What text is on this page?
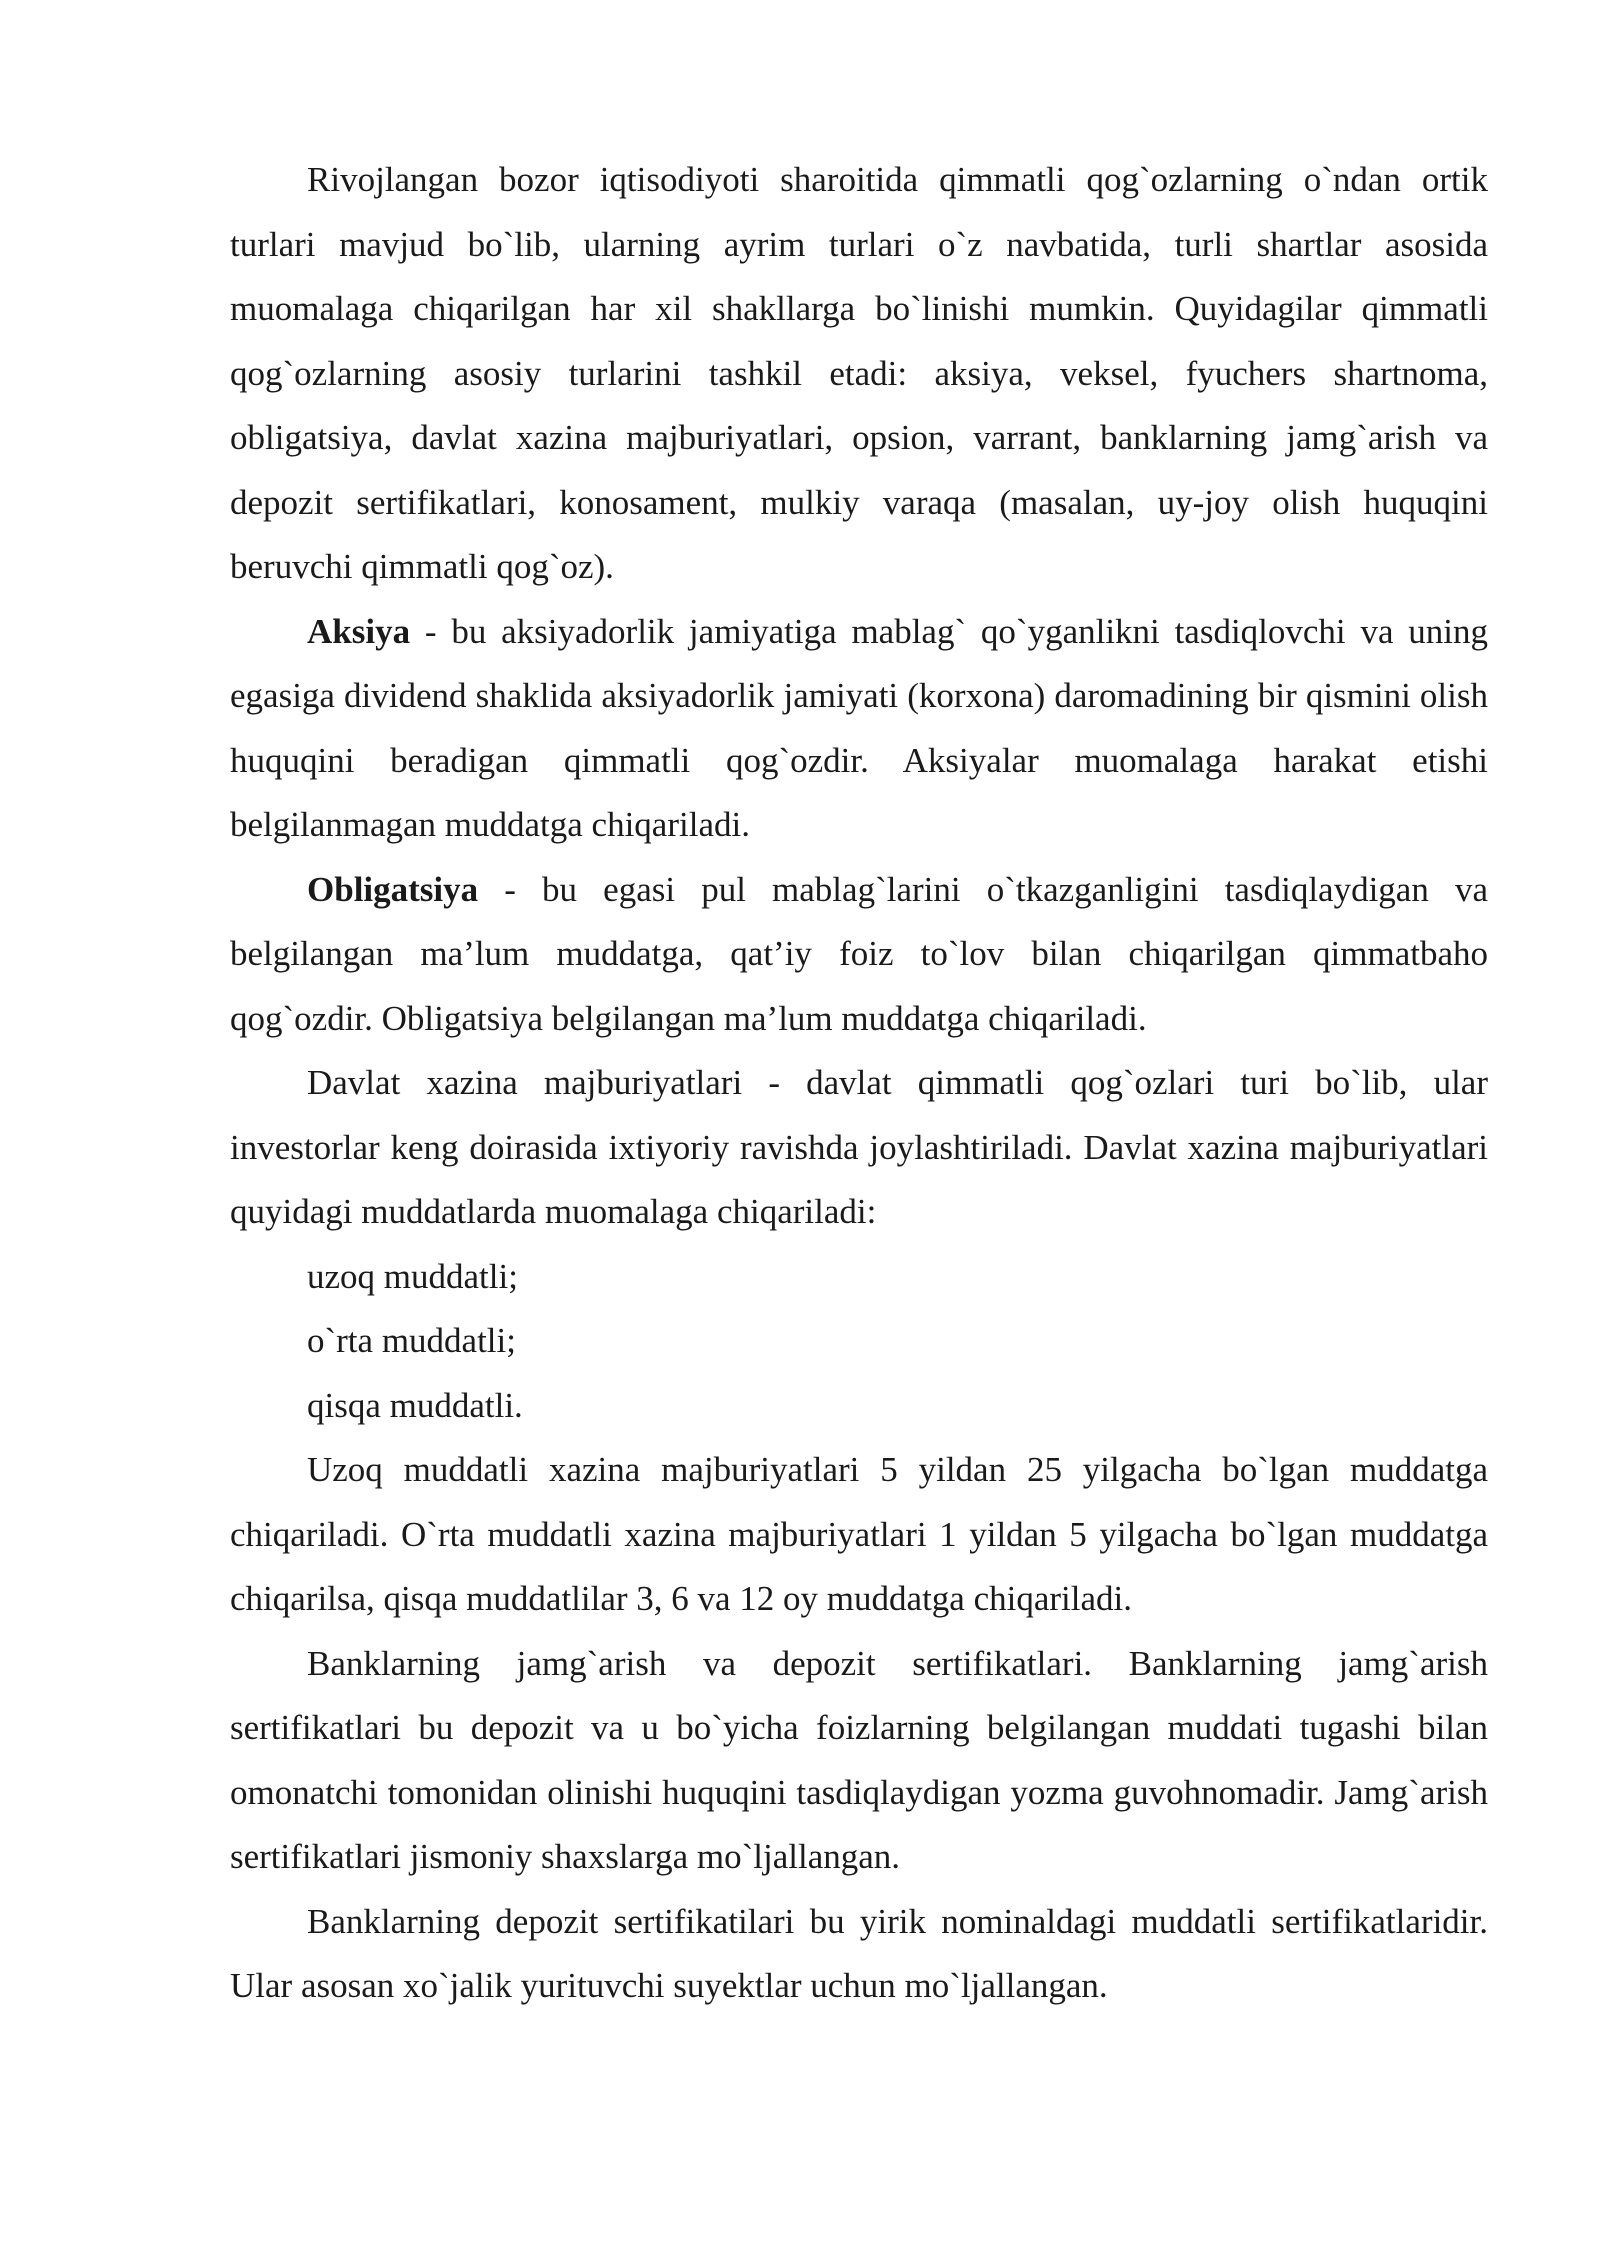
Rivojlangan bozor iqtisodiyoti sharoitida qimmatli qog`ozlarning o`ndan ortik turlari mavjud bo`lib, ularning ayrim turlari o`z navbatida, turli shartlar asosida muomalaga chiqarilgan har xil shakllarga bo`linishi mumkin. Quyidagilar qimmatli qog`ozlarning asosiy turlarini tashkil etadi: aksiya, veksel, fyuchers shartnoma, obligatsiya, davlat xazina majburiyatlari, opsion, varrant, banklarning jamg`arish va depozit sertifikatlari, konosament, mulkiy varaqa (masalan, uy-joy olish huquqini beruvchi qimmatli qog`oz).

Aksiya - bu aksiyadorlik jamiyatiga mablag` qo`yganlikni tasdiqlovchi va uning egasiga dividend shaklida aksiyadorlik jamiyati (korxona) daromadining bir qismini olish huquqini beradigan qimmatli qog`ozdir. Aksiyalar muomalaga harakat etishi belgilanmagan muddatga chiqariladi.

Obligatsiya - bu egasi pul mablag`larini o`tkazganligini tasdiqlaydigan va belgilangan ma’lum muddatga, qat’iy foiz to`lov bilan chiqarilgan qimmatbaho qog`ozdir. Obligatsiya belgilangan ma’lum muddatga chiqariladi.

Davlat xazina majburiyatlari - davlat qimmatli qog`ozlari turi bo`lib, ular investorlar keng doirasida ixtiyoriy ravishda joylashtiriladi. Davlat xazina majburiyatlari quyidagi muddatlarda muomalaga chiqariladi:

uzoq muddatli;

o`rta muddatli;

qisqa muddatli.

Uzoq muddatli xazina majburiyatlari 5 yildan 25 yilgacha bo`lgan muddatga chiqariladi. O`rta muddatli xazina majburiyatlari 1 yildan 5 yilgacha bo`lgan muddatga chiqarilsa, qisqa muddatlilar 3, 6 va 12 oy muddatga chiqariladi.

Banklarning jamg`arish va depozit sertifikatlari. Banklarning jamg`arish sertifikatlari bu depozit va u bo`yicha foizlarning belgilangan muddati tugashi bilan omonatchi tomonidan olinishi huquqini tasdiqlaydigan yozma guvohnomadir. Jamg`arish sertifikatlari jismoniy shaxslarga mo`ljallangan.

Banklarning depozit sertifikatilari bu yirik nominaldagi muddatli sertifikatlaridir. Ular asosan xo`jalik yurituvchi suyektlar uchun mo`ljallangan.
